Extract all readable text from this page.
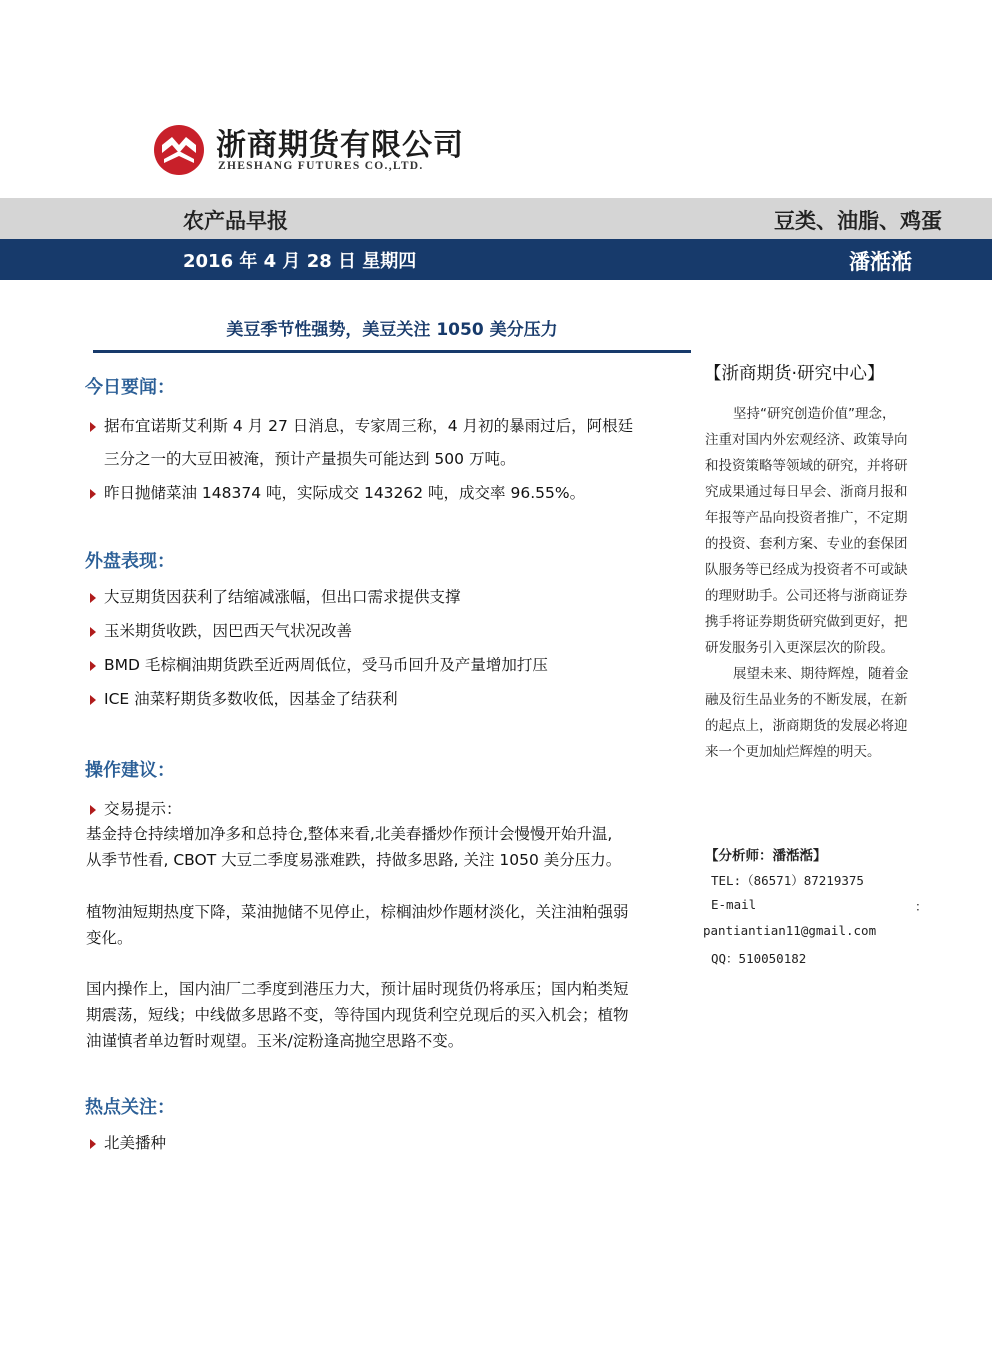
浙商期货有限公司
ZHESHANG FUTURES CO.,LTD.
农产品早报	豆类、油脂、鸡蛋
2016 年 4 月 28 日 星期四	潘湉湉
美豆季节性强势，美豆关注 1050 美分压力
今日要闻：
据布宜诺斯艾利斯 4 月 27 日消息，专家周三称，4 月初的暴雨过后，阿根廷
三分之一的大豆田被淹，预计产量损失可能达到 500 万吨。
昨日抛储菜油 148374 吨，实际成交 143262 吨，成交率 96.55%。
外盘表现：
大豆期货因获利了结缩减涨幅，但出口需求提供支撑
玉米期货收跌，因巴西天气状况改善
BMD 毛棕榈油期货跌至近两周低位，受马币回升及产量增加打压
ICE 油菜籽期货多数收低，因基金了结获利
操作建议：
交易提示：
基金持仓持续增加净多和总持仓,整体来看,北美春播炒作预计会慢慢开始升温,
从季节性看, CBOT 大豆二季度易涨难跌，持做多思路, 关注 1050 美分压力。
植物油短期热度下降，菜油抛储不见停止，棕榈油炒作题材淡化，关注油粕强弱
变化。
国内操作上，国内油厂二季度到港压力大，预计届时现货仍将承压；国内粕类短
期震荡，短线；中线做多思路不变，等待国内现货利空兑现后的买入机会；植物
油谨慎者单边暂时观望。玉米/淀粉逢高抛空思路不变。
热点关注：
北美播种
【浙商期货·研究中心】
坚持“研究创造价值”理念，
注重对国内外宏观经济、政策导向
和投资策略等领域的研究，并将研
究成果通过每日早会、浙商月报和
年报等产品向投资者推广，不定期
的投资、套利方案、专业的套保团
队服务等已经成为投资者不可或缺
的理财助手。公司还将与浙商证券
携手将证券期货研究做到更好，把
研发服务引入更深层次的阶段。
展望未来、期待辉煌，随着金
融及衍生品业务的不断发展，在新
的起点上，浙商期货的发展必将迎
来一个更加灿烂辉煌的明天。
【分析师：潘湉湉】
TEL:（86571）87219375
E-mail	：
pantiantian11@gmail.com
QQ：510050182
